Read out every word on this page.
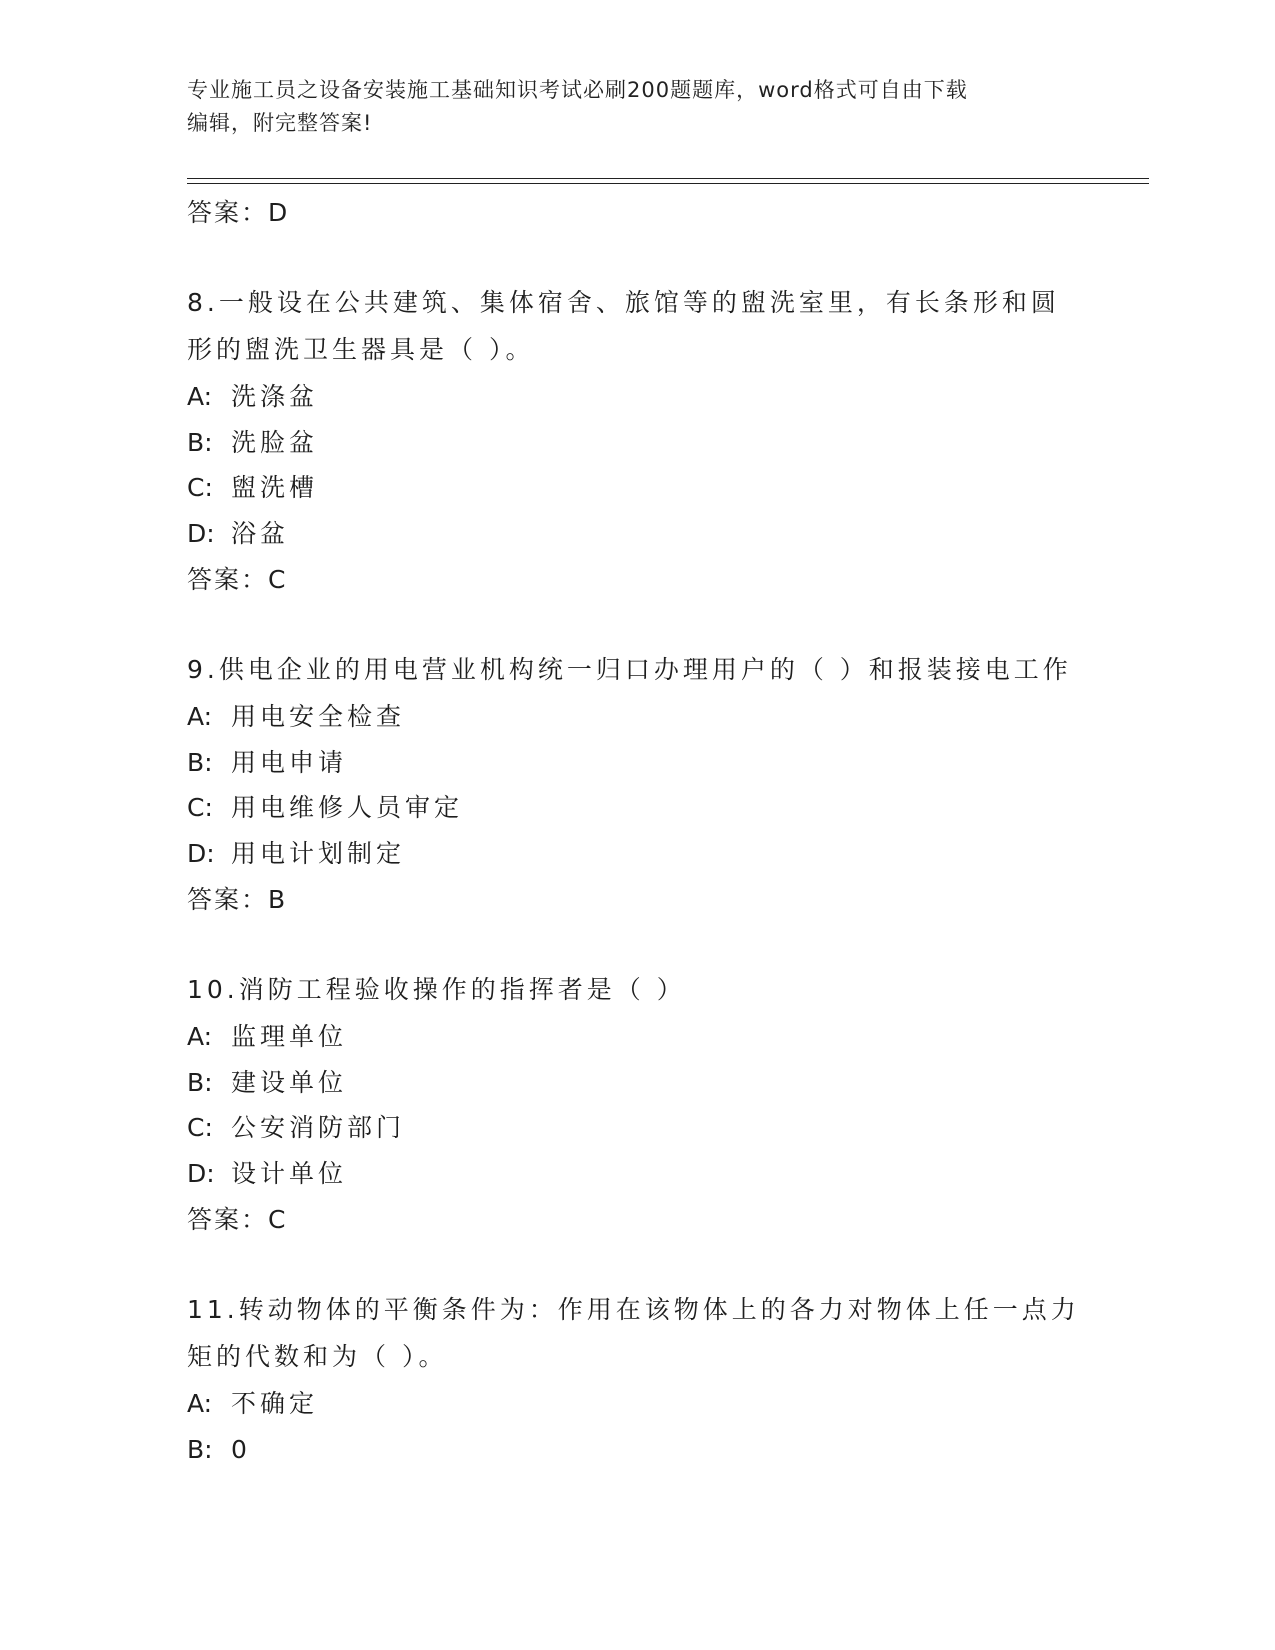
专业施工员之设备安装施工基础知识考试必刷200题题库，word格式可自由下载
编辑，附完整答案!
答案：D
8.一般设在公共建筑、集体宿舍、旅馆等的盥洗室里，有长条形和圆
形的盥洗卫生器具是（ ）。
A: 洗涤盆
B: 洗脸盆
C: 盥洗槽
D: 浴盆
答案：C
9.供电企业的用电营业机构统一归口办理用户的（ ）和报装接电工作
A: 用电安全检查
B: 用电申请
C: 用电维修人员审定
D: 用电计划制定
答案：B
10.消防工程验收操作的指挥者是（ ）
A: 监理单位
B: 建设单位
C: 公安消防部门
D: 设计单位
答案：C
11.转动物体的平衡条件为：作用在该物体上的各力对物体上任一点力
矩的代数和为（ ）。
A: 不确定
B: 0
